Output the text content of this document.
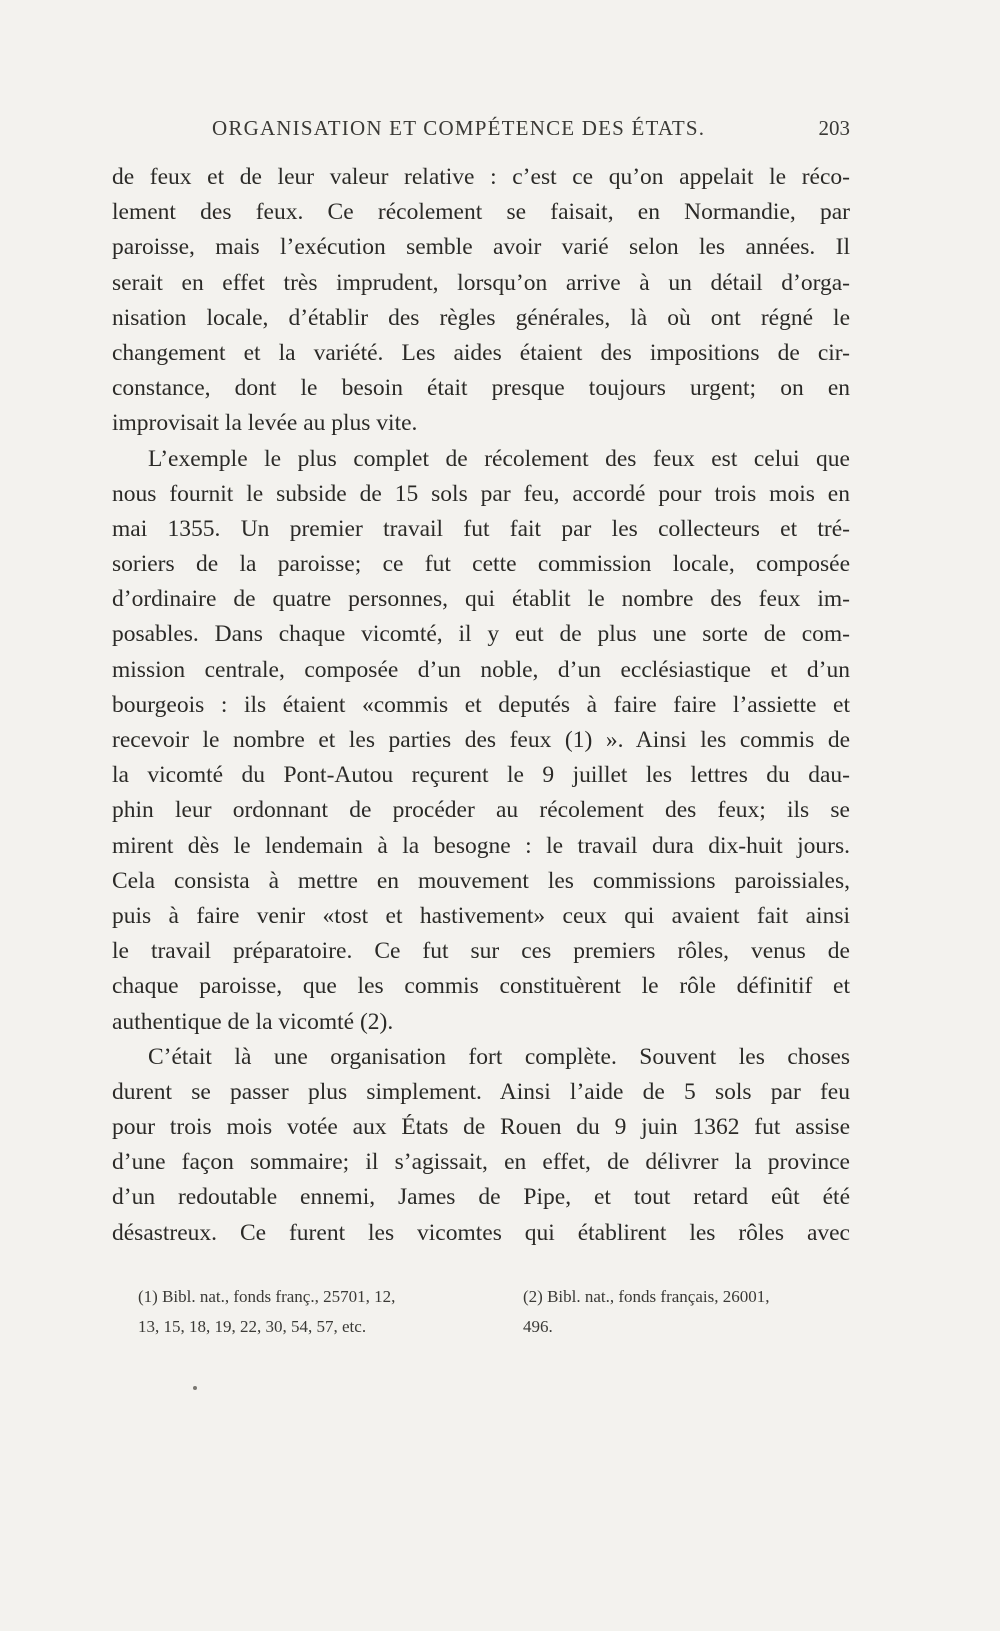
ORGANISATION ET COMPÉTENCE DES ÉTATS.	203
de feux et de leur valeur relative : c’est ce qu’on appelait le réco-
lement des feux. Ce récolement se faisait, en Normandie, par
paroisse, mais l’exécution semble avoir varié selon les années. Il
serait en effet très imprudent, lorsqu’on arrive à un détail d’orga-
nisation locale, d’établir des règles générales, là où ont régné le
changement et la variété. Les aides étaient des impositions de cir-
constance, dont le besoin était presque toujours urgent; on en
improvisait la levée au plus vite.
L’exemple le plus complet de récolement des feux est celui que
nous fournit le subside de 15 sols par feu, accordé pour trois mois en
mai 1355. Un premier travail fut fait par les collecteurs et tré-
soriers de la paroisse; ce fut cette commission locale, composée
d’ordinaire de quatre personnes, qui établit le nombre des feux im-
posables. Dans chaque vicomté, il y eut de plus une sorte de com-
mission centrale, composée d’un noble, d’un ecclésiastique et d’un
bourgeois : ils étaient «commis et deputés à faire faire l’assiette et
recevoir le nombre et les parties des feux (1) ». Ainsi les commis de
la vicomté du Pont-Autou reçurent le 9 juillet les lettres du dau-
phin leur ordonnant de procéder au récolement des feux; ils se
mirent dès le lendemain à la besogne : le travail dura dix-huit jours.
Cela consista à mettre en mouvement les commissions paroissiales,
puis à faire venir «tost et hastivement» ceux qui avaient fait ainsi
le travail préparatoire. Ce fut sur ces premiers rôles, venus de
chaque paroisse, que les commis constituèrent le rôle définitif et
authentique de la vicomté (2).
C’était là une organisation fort complète. Souvent les choses
durent se passer plus simplement. Ainsi l’aide de 5 sols par feu
pour trois mois votée aux États de Rouen du 9 juin 1362 fut assise
d’une façon sommaire; il s’agissait, en effet, de délivrer la province
d’un redoutable ennemi, James de Pipe, et tout retard eût été
désastreux. Ce furent les vicomtes qui établirent les rôles avec
(1) Bibl. nat., fonds franç., 25701, 12,
13, 15, 18, 19, 22, 30, 54, 57, etc.
(2) Bibl. nat., fonds français, 26001,
496.
